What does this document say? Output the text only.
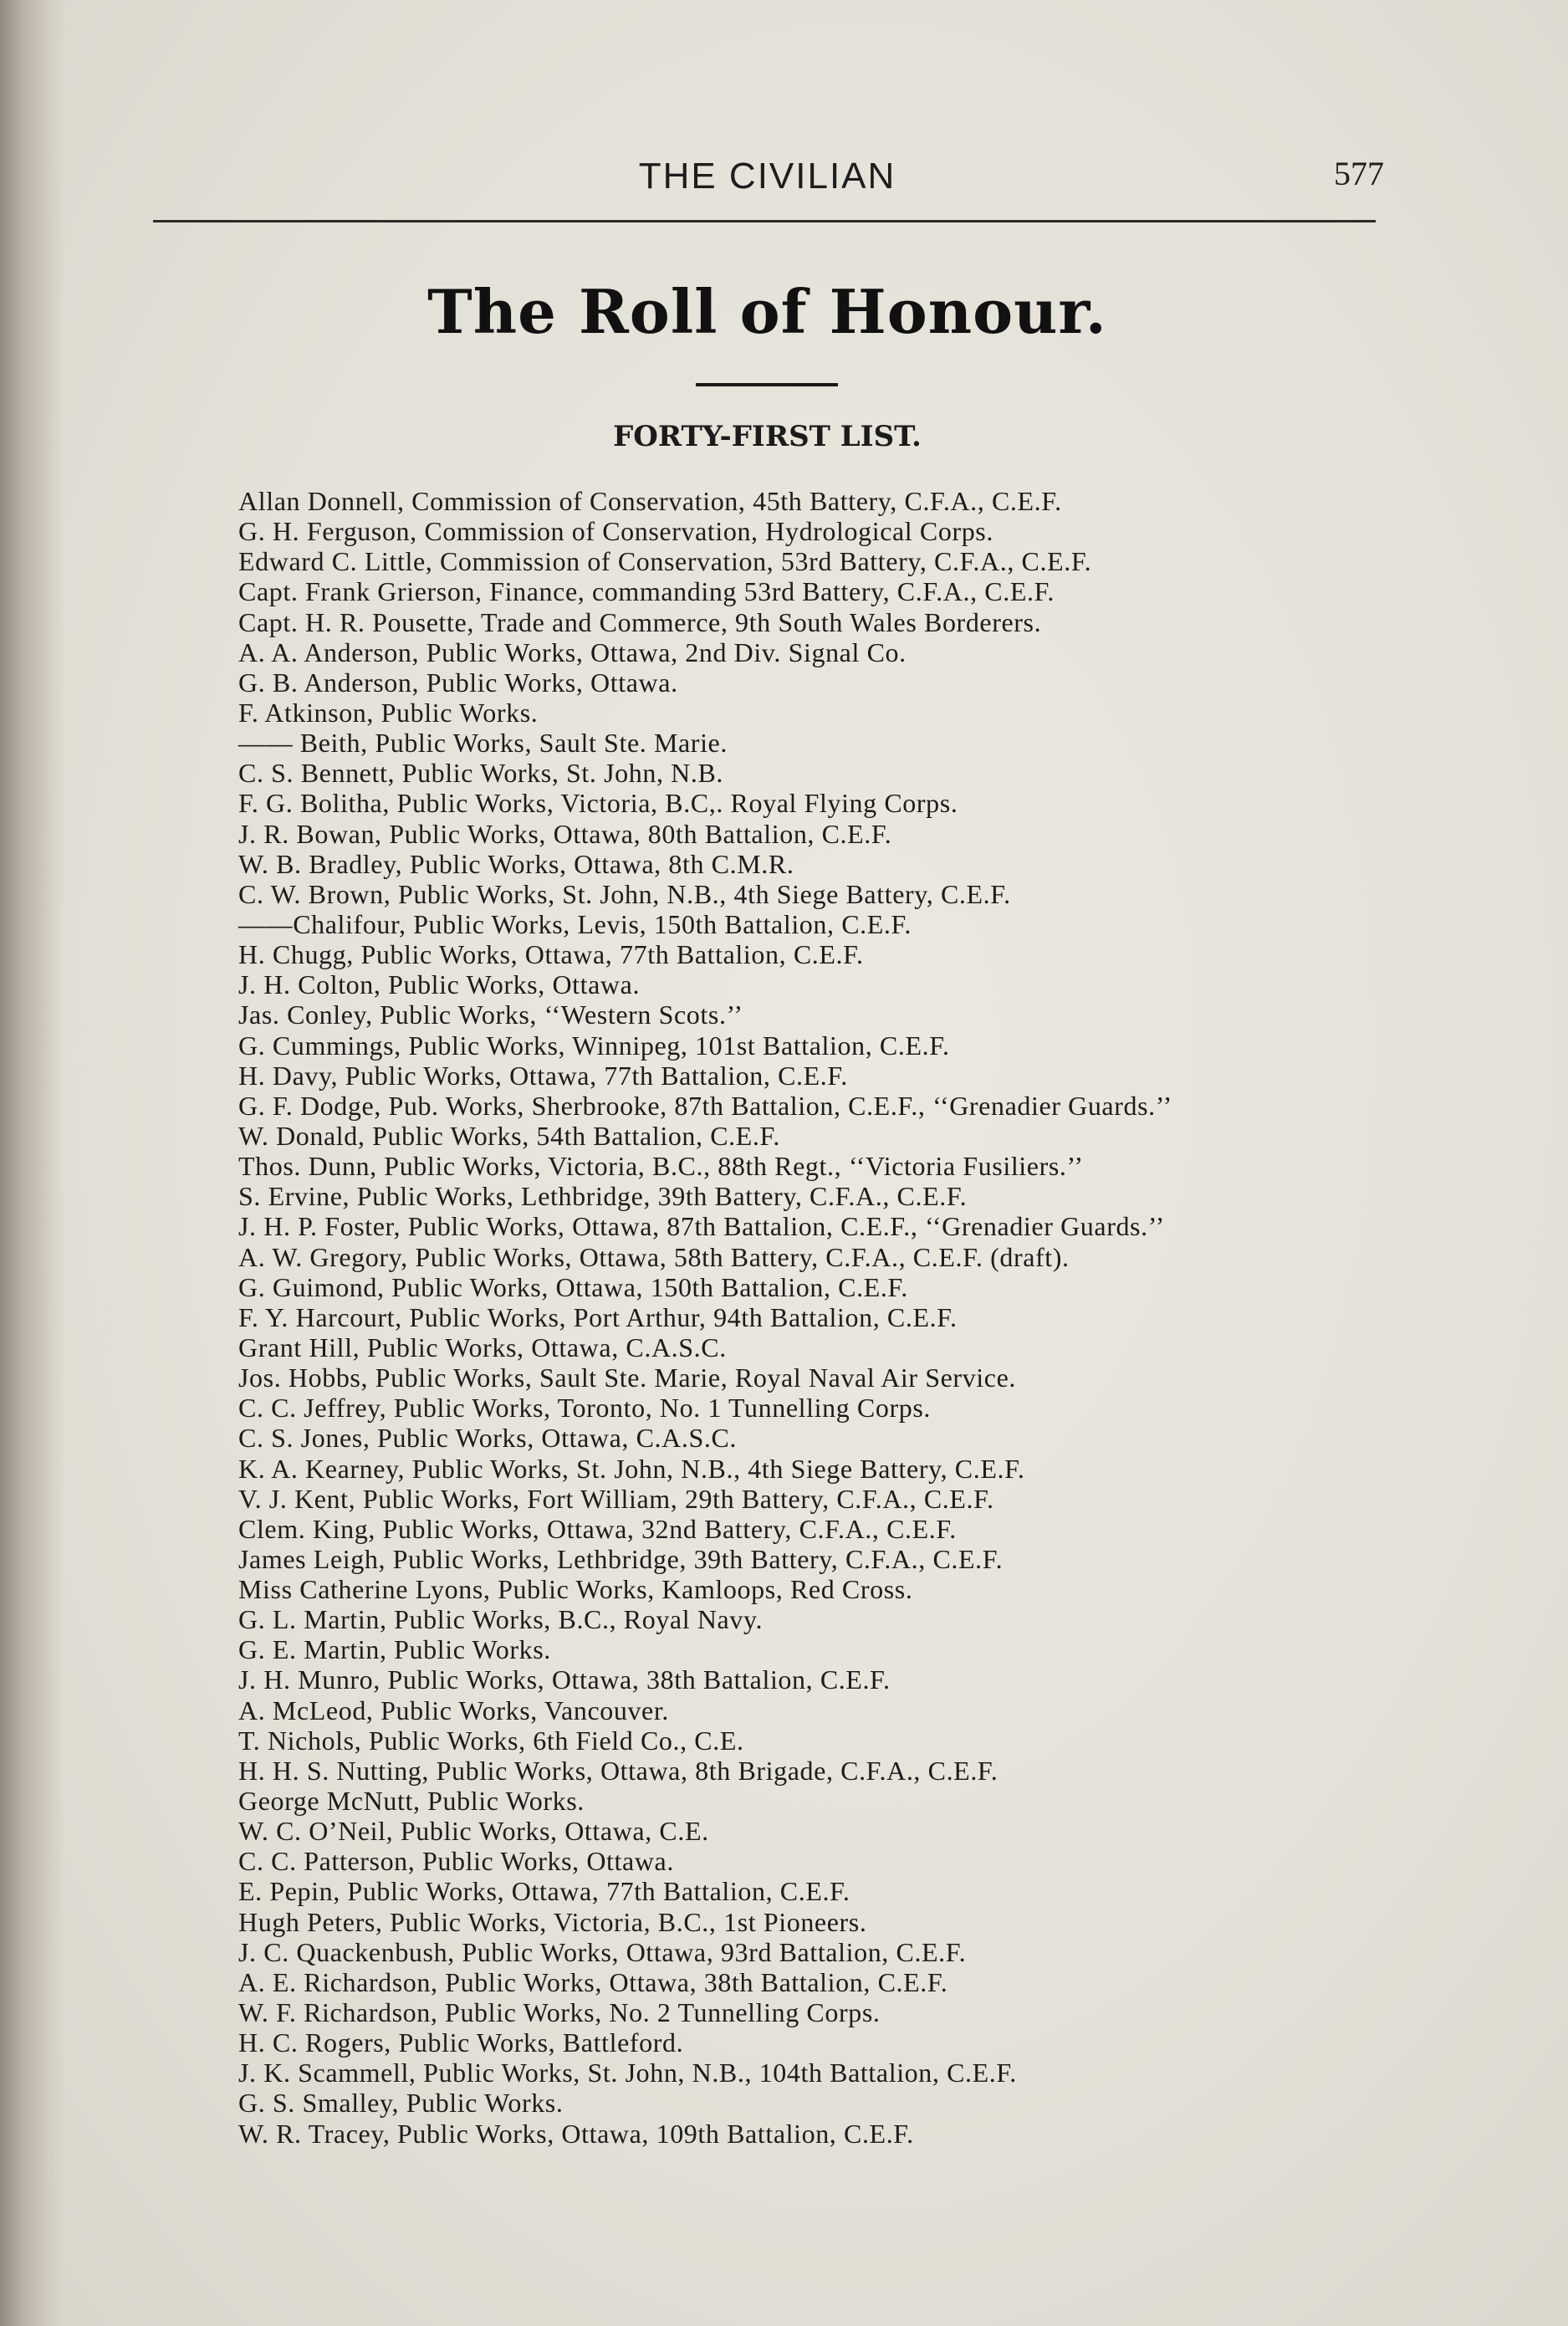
THE CIVILIAN	577
The Roll of Honour.
FORTY-FIRST LIST.
Allan Donnell, Commission of Conservation, 45th Battery, C.F.A., C.E.F.
G. H. Ferguson, Commission of Conservation, Hydrological Corps.
Edward C. Little, Commission of Conservation, 53rd Battery, C.F.A., C.E.F.
Capt. Frank Grierson, Finance, commanding 53rd Battery, C.F.A., C.E.F.
Capt. H. R. Pousette, Trade and Commerce, 9th South Wales Borderers.
A. A. Anderson, Public Works, Ottawa, 2nd Div. Signal Co.
G. B. Anderson, Public Works, Ottawa.
F. Atkinson, Public Works.
—— Beith, Public Works, Sault Ste. Marie.
C. S. Bennett, Public Works, St. John, N.B.
F. G. Bolitha, Public Works, Victoria, B.C,. Royal Flying Corps.
J. R. Bowan, Public Works, Ottawa, 80th Battalion, C.E.F.
W. B. Bradley, Public Works, Ottawa, 8th C.M.R.
C. W. Brown, Public Works, St. John, N.B., 4th Siege Battery, C.E.F.
——Chalifour, Public Works, Levis, 150th Battalion, C.E.F.
H. Chugg, Public Works, Ottawa, 77th Battalion, C.E.F.
J. H. Colton, Public Works, Ottawa.
Jas. Conley, Public Works, ‘‘Western Scots.’’
G. Cummings, Public Works, Winnipeg, 101st Battalion, C.E.F.
H. Davy, Public Works, Ottawa, 77th Battalion, C.E.F.
G. F. Dodge, Pub. Works, Sherbrooke, 87th Battalion, C.E.F., ‘‘Grenadier Guards.’’
W. Donald, Public Works, 54th Battalion, C.E.F.
Thos. Dunn, Public Works, Victoria, B.C., 88th Regt., ‘‘Victoria Fusiliers.’’
S. Ervine, Public Works, Lethbridge, 39th Battery, C.F.A., C.E.F.
J. H. P. Foster, Public Works, Ottawa, 87th Battalion, C.E.F., ‘‘Grenadier Guards.’’
A. W. Gregory, Public Works, Ottawa, 58th Battery, C.F.A., C.E.F. (draft).
G. Guimond, Public Works, Ottawa, 150th Battalion, C.E.F.
F. Y. Harcourt, Public Works, Port Arthur, 94th Battalion, C.E.F.
Grant Hill, Public Works, Ottawa, C.A.S.C.
Jos. Hobbs, Public Works, Sault Ste. Marie, Royal Naval Air Service.
C. C. Jeffrey, Public Works, Toronto, No. 1 Tunnelling Corps.
C. S. Jones, Public Works, Ottawa, C.A.S.C.
K. A. Kearney, Public Works, St. John, N.B., 4th Siege Battery, C.E.F.
V. J. Kent, Public Works, Fort William, 29th Battery, C.F.A., C.E.F.
Clem. King, Public Works, Ottawa, 32nd Battery, C.F.A., C.E.F.
James Leigh, Public Works, Lethbridge, 39th Battery, C.F.A., C.E.F.
Miss Catherine Lyons, Public Works, Kamloops, Red Cross.
G. L. Martin, Public Works, B.C., Royal Navy.
G. E. Martin, Public Works.
J. H. Munro, Public Works, Ottawa, 38th Battalion, C.E.F.
A. McLeod, Public Works, Vancouver.
T. Nichols, Public Works, 6th Field Co., C.E.
H. H. S. Nutting, Public Works, Ottawa, 8th Brigade, C.F.A., C.E.F.
George McNutt, Public Works.
W. C. O’Neil, Public Works, Ottawa, C.E.
C. C. Patterson, Public Works, Ottawa.
E. Pepin, Public Works, Ottawa, 77th Battalion, C.E.F.
Hugh Peters, Public Works, Victoria, B.C., 1st Pioneers.
J. C. Quackenbush, Public Works, Ottawa, 93rd Battalion, C.E.F.
A. E. Richardson, Public Works, Ottawa, 38th Battalion, C.E.F.
W. F. Richardson, Public Works, No. 2 Tunnelling Corps.
H. C. Rogers, Public Works, Battleford.
J. K. Scammell, Public Works, St. John, N.B., 104th Battalion, C.E.F.
G. S. Smalley, Public Works.
W. R. Tracey, Public Works, Ottawa, 109th Battalion, C.E.F.
